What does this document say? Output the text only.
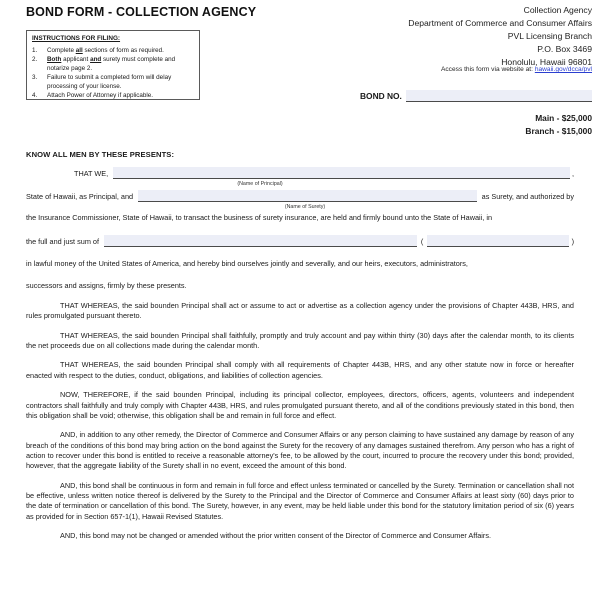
BOND FORM - COLLECTION AGENCY	Collection Agency
Department of Commerce and Consumer Affairs
PVL Licensing Branch
P.O. Box 3469
Honolulu, Hawaii 96801
Access this form via website at: hawaii.gov/dcca/pvl
INSTRUCTIONS FOR FILING:
1.	Complete all sections of form as required.
2.	Both applicant and surety must complete and notarize page 2.
3.	Failure to submit a completed form will delay processing of your license.
4.	Attach Power of Attorney if applicable.	BOND NO.
Main - $25,000
Branch - $15,000
KNOW ALL MEN BY THESE PRESENTS:
THAT WE,	,
(Name of Principal)
State of Hawaii, as Principal, and	as Surety, and authorized by
(Name of Surety)
the Insurance Commissioner, State of Hawaii, to transact the business of surety insurance, are held and firmly bound unto the State of Hawaii, in
the full and just sum of	(	)
in lawful money of the United States of America, and hereby bind ourselves jointly and severally, and our heirs, executors, administrators,
successors and assigns, firmly by these presents.

THAT WHEREAS, the said bounden Principal shall act or assume to act or advertise as a collection agency under the provisions of Chapter 443B, HRS, and rules promulgated pursuant thereto.

THAT WHEREAS, the said bounden Principal shall faithfully, promptly and truly account and pay within thirty (30) days after the calendar month, to its clients the net proceeds due on all collections made during the calendar month.

THAT WHEREAS, the said bounden Principal shall comply with all requirements of Chapter 443B, HRS, and any other statute now in force or hereafter enacted with respect to the duties, conduct, obligations, and liabilities of collection agencies.

NOW, THEREFORE, if the said bounden Principal, including its principal collector, employees, directors, officers, agents, volunteers and independent contractors shall faithfully and truly comply with Chapter 443B, HRS, and rules promulgated pursuant thereto, and all of the conditions previously stated in this bond, then this obligation shall be void; otherwise, this obligation shall be and remain in full force and effect.

AND, in addition to any other remedy, the Director of Commerce and Consumer Affairs or any person claiming to have sustained any damage by reason of any breach of the conditions of this bond may bring action on the bond against the Surety for the recovery of any damages sustained therefrom. Any person who has a right of action to recover under this bond is entitled to receive a reasonable attorney's fee, to be allowed by the court, incurred to procure the recovery under this bond; provided, however, that the aggregate liability of the Surety shall in no event, exceed the amount of this bond.

AND, this bond shall be continuous in form and remain in full force and effect unless terminated or cancelled by the Surety. Termination or cancellation shall not be effective, unless written notice thereof is delivered by the Surety to the Principal and the Director of Commerce and Consumer Affairs at least sixty (60) days prior to the date of termination or cancellation of this bond. The Surety, however, in any event, may be held liable under this bond for the statutory limitation period of six (6) years as provided for in Section 657-1(1), Hawaii Revised Statutes.

AND, this bond may not be changed or amended without the prior written consent of the Director of Commerce and Consumer Affairs.
